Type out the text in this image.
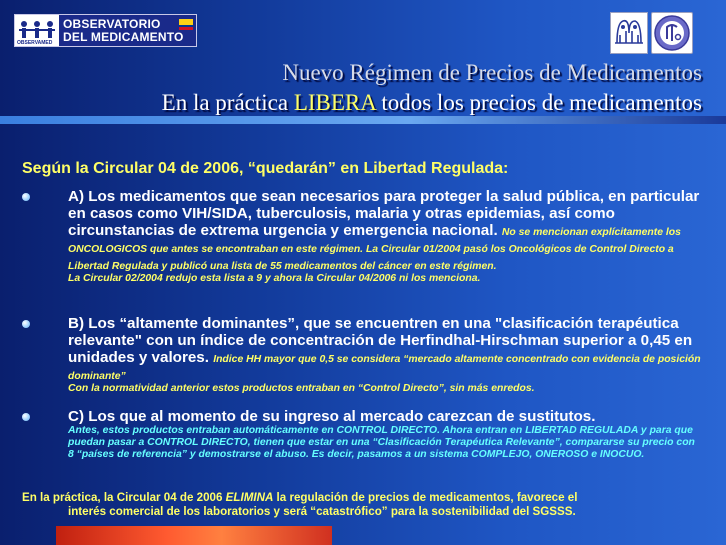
OBSERVAMED
OBSERVATORIO
DEL MEDICAMENTO
Nuevo Régimen de Precios de Medicamentos
En la práctica LIBERA todos los precios de medicamentos
Según la Circular 04 de 2006, “quedarán” en Libertad Regulada:
A) Los medicamentos que sean necesarios para proteger la salud pública, en particular en casos como VIH/SIDA, tuberculosis, malaria y otras epidemias, así como circunstancias de extrema urgencia y emergencia nacional. No se mencionan explícitamente los ONCOLOGICOS que antes se encontraban en este régimen. La Circular 01/2004 pasó los Oncológicos de Control Directo a Libertad Regulada y publicó una lista de 55 medicamentos del cáncer en este régimen.
La Circular 02/2004 redujo esta lista a 9 y ahora la Circular 04/2006 ni los menciona.
B) Los “altamente dominantes”, que se encuentren en una "clasificación terapéutica relevante" con un índice de concentración de Herfindhal-Hirschman superior a 0,45 en unidades y valores. Indice HH mayor que 0,5 se considera “mercado altamente concentrado con evidencia de posición dominante”
Con la normatividad anterior estos productos entraban en “Control Directo”, sin más enredos.
C) Los que al momento de su ingreso al mercado carezcan de sustitutos.
Antes, estos productos entraban automáticamente en CONTROL DIRECTO. Ahora entran en LIBERTAD REGULADA y para que puedan pasar a CONTROL DIRECTO, tienen que estar en una “Clasificación Terapéutica Relevante”, compararse su precio con 8 “países de referencia” y demostrarse el abuso. Es decir, pasamos a un sistema COMPLEJO, ONEROSO e INOCUO.
En la práctica, la Circular 04 de 2006 ELIMINA la regulación de precios de medicamentos, favorece el
interés comercial de los laboratorios y será “catastrófico” para la sostenibilidad del SGSSS.
